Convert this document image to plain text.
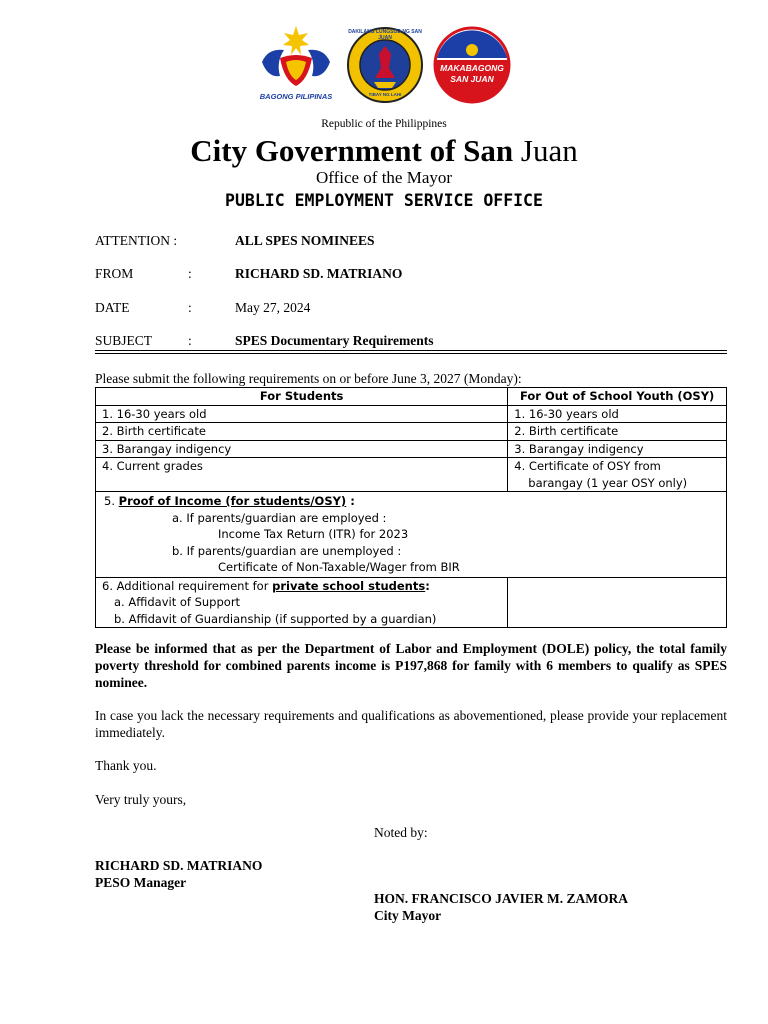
BAGONG PILIPINAS
DAKILANG LUNGSOD NG SAN JUAN
TIBAY NG LAHI
MAKABAGONG
SAN JUAN
Republic of the Philippines
City Government of San Juan
Office of the Mayor
PUBLIC EMPLOYMENT SERVICE OFFICE
ATTENTION :	ALL SPES NOMINEES
FROM	:	RICHARD SD. MATRIANO
DATE	:	May 27, 2024
SUBJECT	:	SPES Documentary Requirements
Please submit the following requirements on or before June 3, 2027 (Monday):
For Students	For Out of School Youth (OSY)
1. 16-30 years old	1. 16-30 years old
2. Birth certificate	2. Birth certificate
3. Barangay indigency	3. Barangay indigency
4. Current grades	4. Certificate of OSY from
barangay (1 year OSY only)

5. Proof of Income (for students/OSY) :
a. If parents/guardian are employed :
Income Tax Return (ITR) for 2023
b. If parents/guardian are unemployed :
Certificate of Non-Taxable/Wager from BIR	

6. Additional requirement for private school students:
a. Affidavit of Support
b. Affidavit of Guardianship (if supported by a guardian)	

Please be informed that as per the Department of Labor and Employment (DOLE) policy, the total family poverty threshold for combined parents income is P197,868 for family with 6 members to qualify as SPES nominee.
In case you lack the necessary requirements and qualifications as abovementioned, please provide your replacement immediately.
Thank you.
Very truly yours,
Noted by:
RICHARD SD. MATRIANO
PESO Manager
HON. FRANCISCO JAVIER M. ZAMORA
City Mayor
